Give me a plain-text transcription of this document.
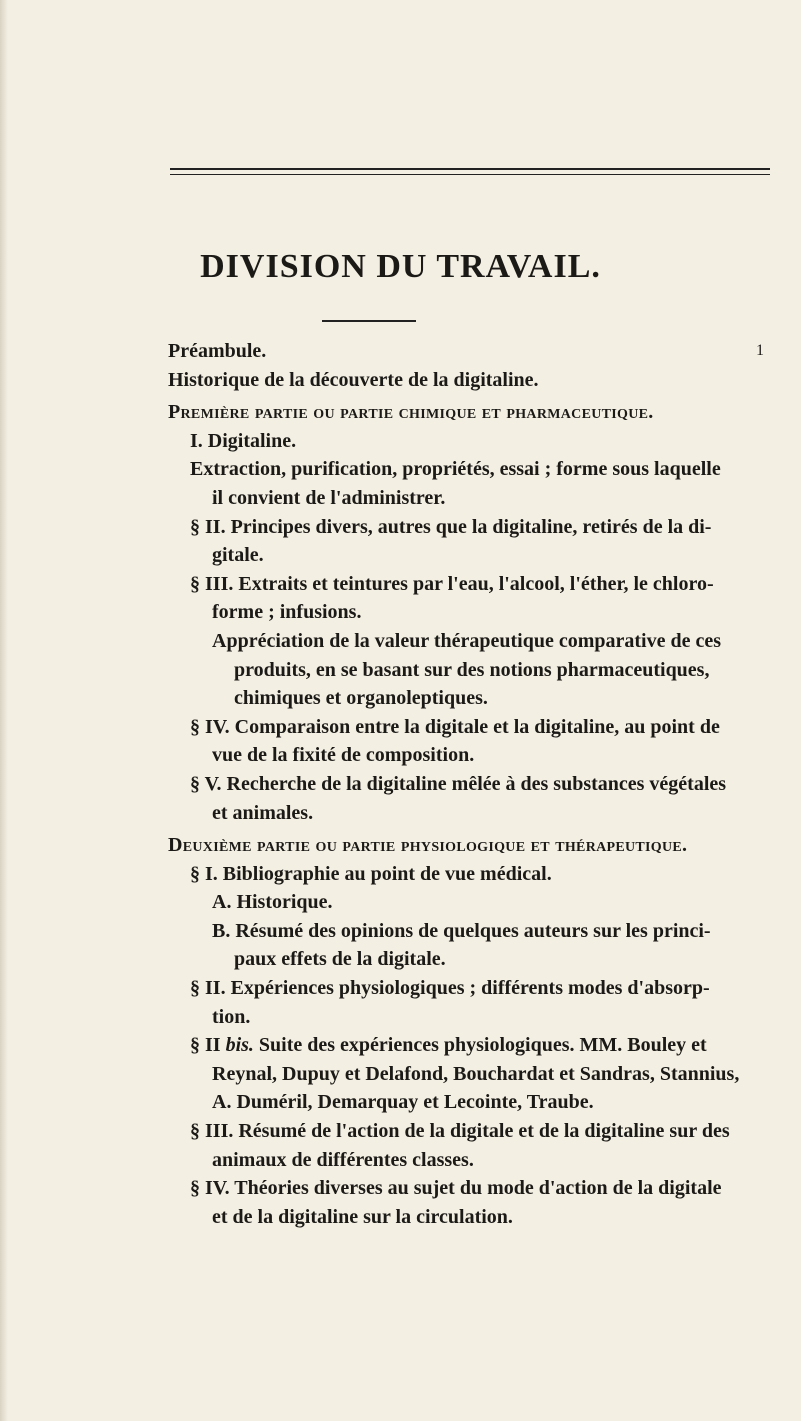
DIVISION DU TRAVAIL.
Préambule.	1
Historique de la découverte de la digitaline.
Première partie ou partie chimique et pharmaceutique.
I. Digitaline.
Extraction, purification, propriétés, essai ; forme sous laquelle
il convient de l'administrer.
§ II. Principes divers, autres que la digitaline, retirés de la di-
gitale.
§ III. Extraits et teintures par l'eau, l'alcool, l'éther, le chloro-
forme ; infusions.
Appréciation de la valeur thérapeutique comparative de ces
produits, en se basant sur des notions pharmaceutiques,
chimiques et organoleptiques.
§ IV. Comparaison entre la digitale et la digitaline, au point de
vue de la fixité de composition.
§ V. Recherche de la digitaline mêlée à des substances végétales
et animales.
Deuxième partie ou partie physiologique et thérapeutique.
§ I. Bibliographie au point de vue médical.
A. Historique.
B. Résumé des opinions de quelques auteurs sur les princi-
paux effets de la digitale.
§ II. Expériences physiologiques ; différents modes d'absorp-
tion.
§ II bis. Suite des expériences physiologiques. MM. Bouley et
Reynal, Dupuy et Delafond, Bouchardat et Sandras, Stannius,
A. Duméril, Demarquay et Lecointe, Traube.
§ III. Résumé de l'action de la digitale et de la digitaline sur des
animaux de différentes classes.
§ IV. Théories diverses au sujet du mode d'action de la digitale
et de la digitaline sur la circulation.
